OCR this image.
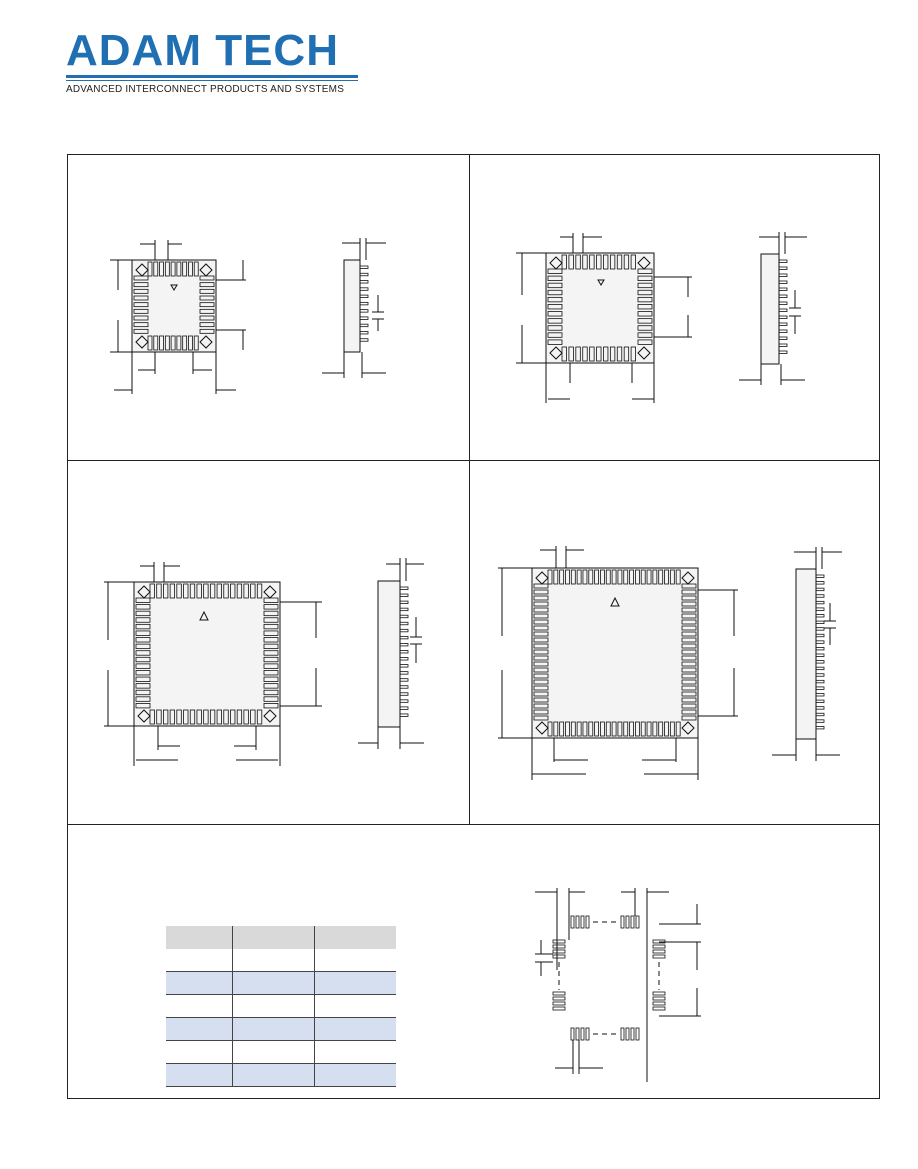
ADAM TECH
ADVANCED INTERCONNECT PRODUCTS AND SYSTEMS
